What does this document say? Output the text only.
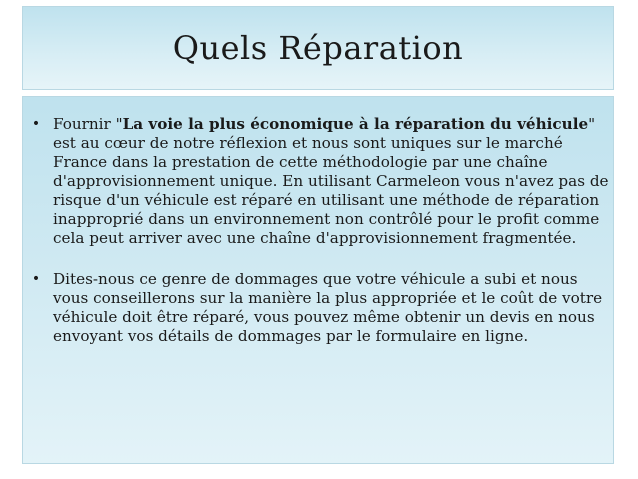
Quels Réparation
• Fournir "La voie la plus économique à la réparation du véhicule" est au cœur de notre réflexion et nous sont uniques sur le marché France dans la prestation de cette méthodologie par une chaîne d'approvisionnement unique. En utilisant Carmeleon vous n'avez pas de risque d'un véhicule est réparé en utilisant une méthode de réparation inapproprié dans un environnement non contrôlé pour le profit comme cela peut arriver avec une chaîne d'approvisionnement fragmentée.
• Dites-nous ce genre de dommages que votre véhicule a subi et nous vous conseillerons sur la manière la plus appropriée et le coût de votre véhicule doit être réparé, vous pouvez même obtenir un devis en nous envoyant vos détails de dommages par le formulaire en ligne.
